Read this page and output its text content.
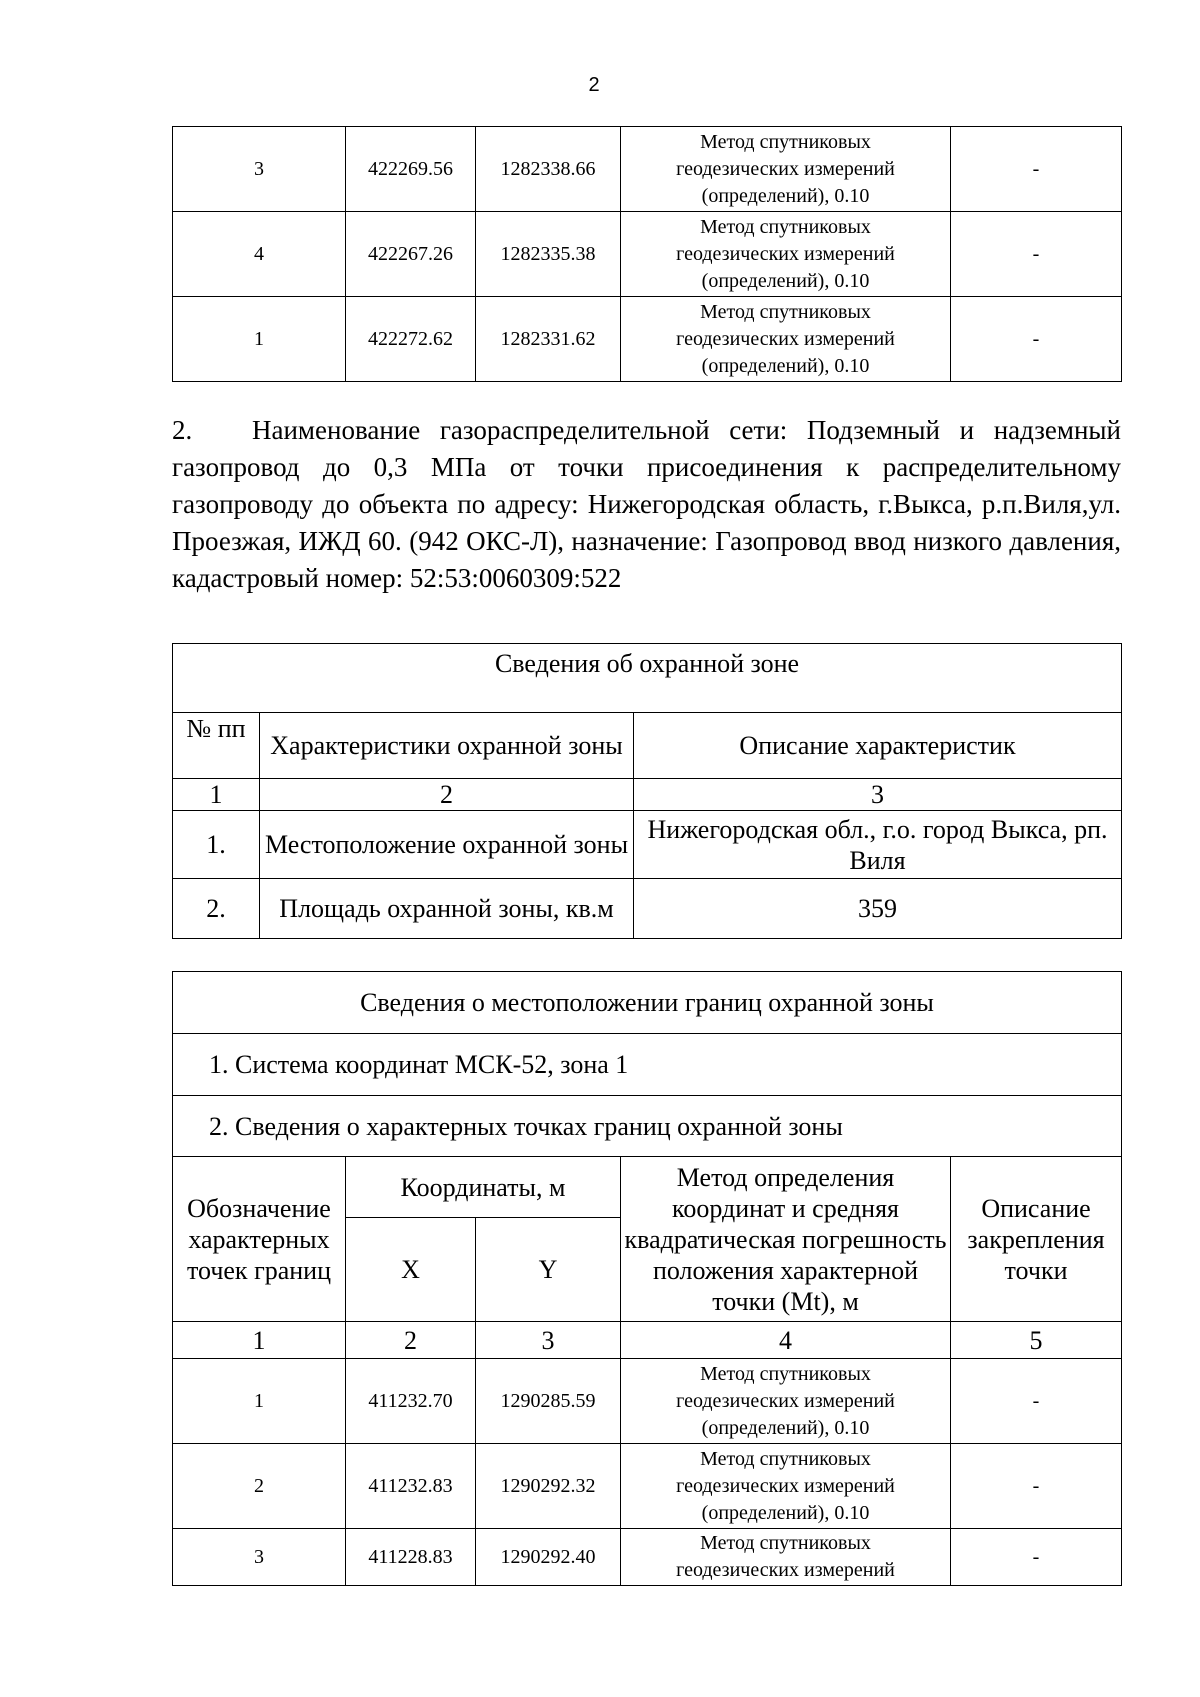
2
3	422269.56	1282338.66	Метод спутниковых
геодезических измерений
(определений), 0.10	-
4	422267.26	1282335.38	Метод спутниковых
геодезических измерений
(определений), 0.10	-
1	422272.62	1282331.62	Метод спутниковых
геодезических измерений
(определений), 0.10	-
2. Наименование газораспределительной сети: Подземный и надземный газопровод до 0,3 МПа от точки присоединения к распределительному газопроводу до объекта по адресу: Нижегородская область, г.Выкса, р.п.Виля,ул. Проезжая, ИЖД 60. (942 ОКС-Л), назначение: Газопровод ввод низкого давления, кадастровый номер: 52:53:0060309:522
Сведения об охранной зоне		
№ пп	Характеристики охранной зоны	Описание характеристик
1	2	3
1.	Местоположение охранной зоны	Нижегородская обл., г.о. город Выкса, рп. Виля
2.	Площадь охранной зоны, кв.м	359
Сведения о местоположении границ охранной зоны				
1. Система координат МСК-52, зона 1				
2. Сведения о характерных точках границ охранной зоны				
Обозначение характерных точек границ	Координаты, м		Метод определения координат и средняя квадратическая погрешность положения характерной точки (Mt), м	Описание закрепления точки
	X	Y		
1	2	3	4	5
1	411232.70	1290285.59	Метод спутниковых
геодезических измерений
(определений), 0.10	-
2	411232.83	1290292.32	Метод спутниковых
геодезических измерений
(определений), 0.10	-
3	411228.83	1290292.40	Метод спутниковых
геодезических измерений	-
